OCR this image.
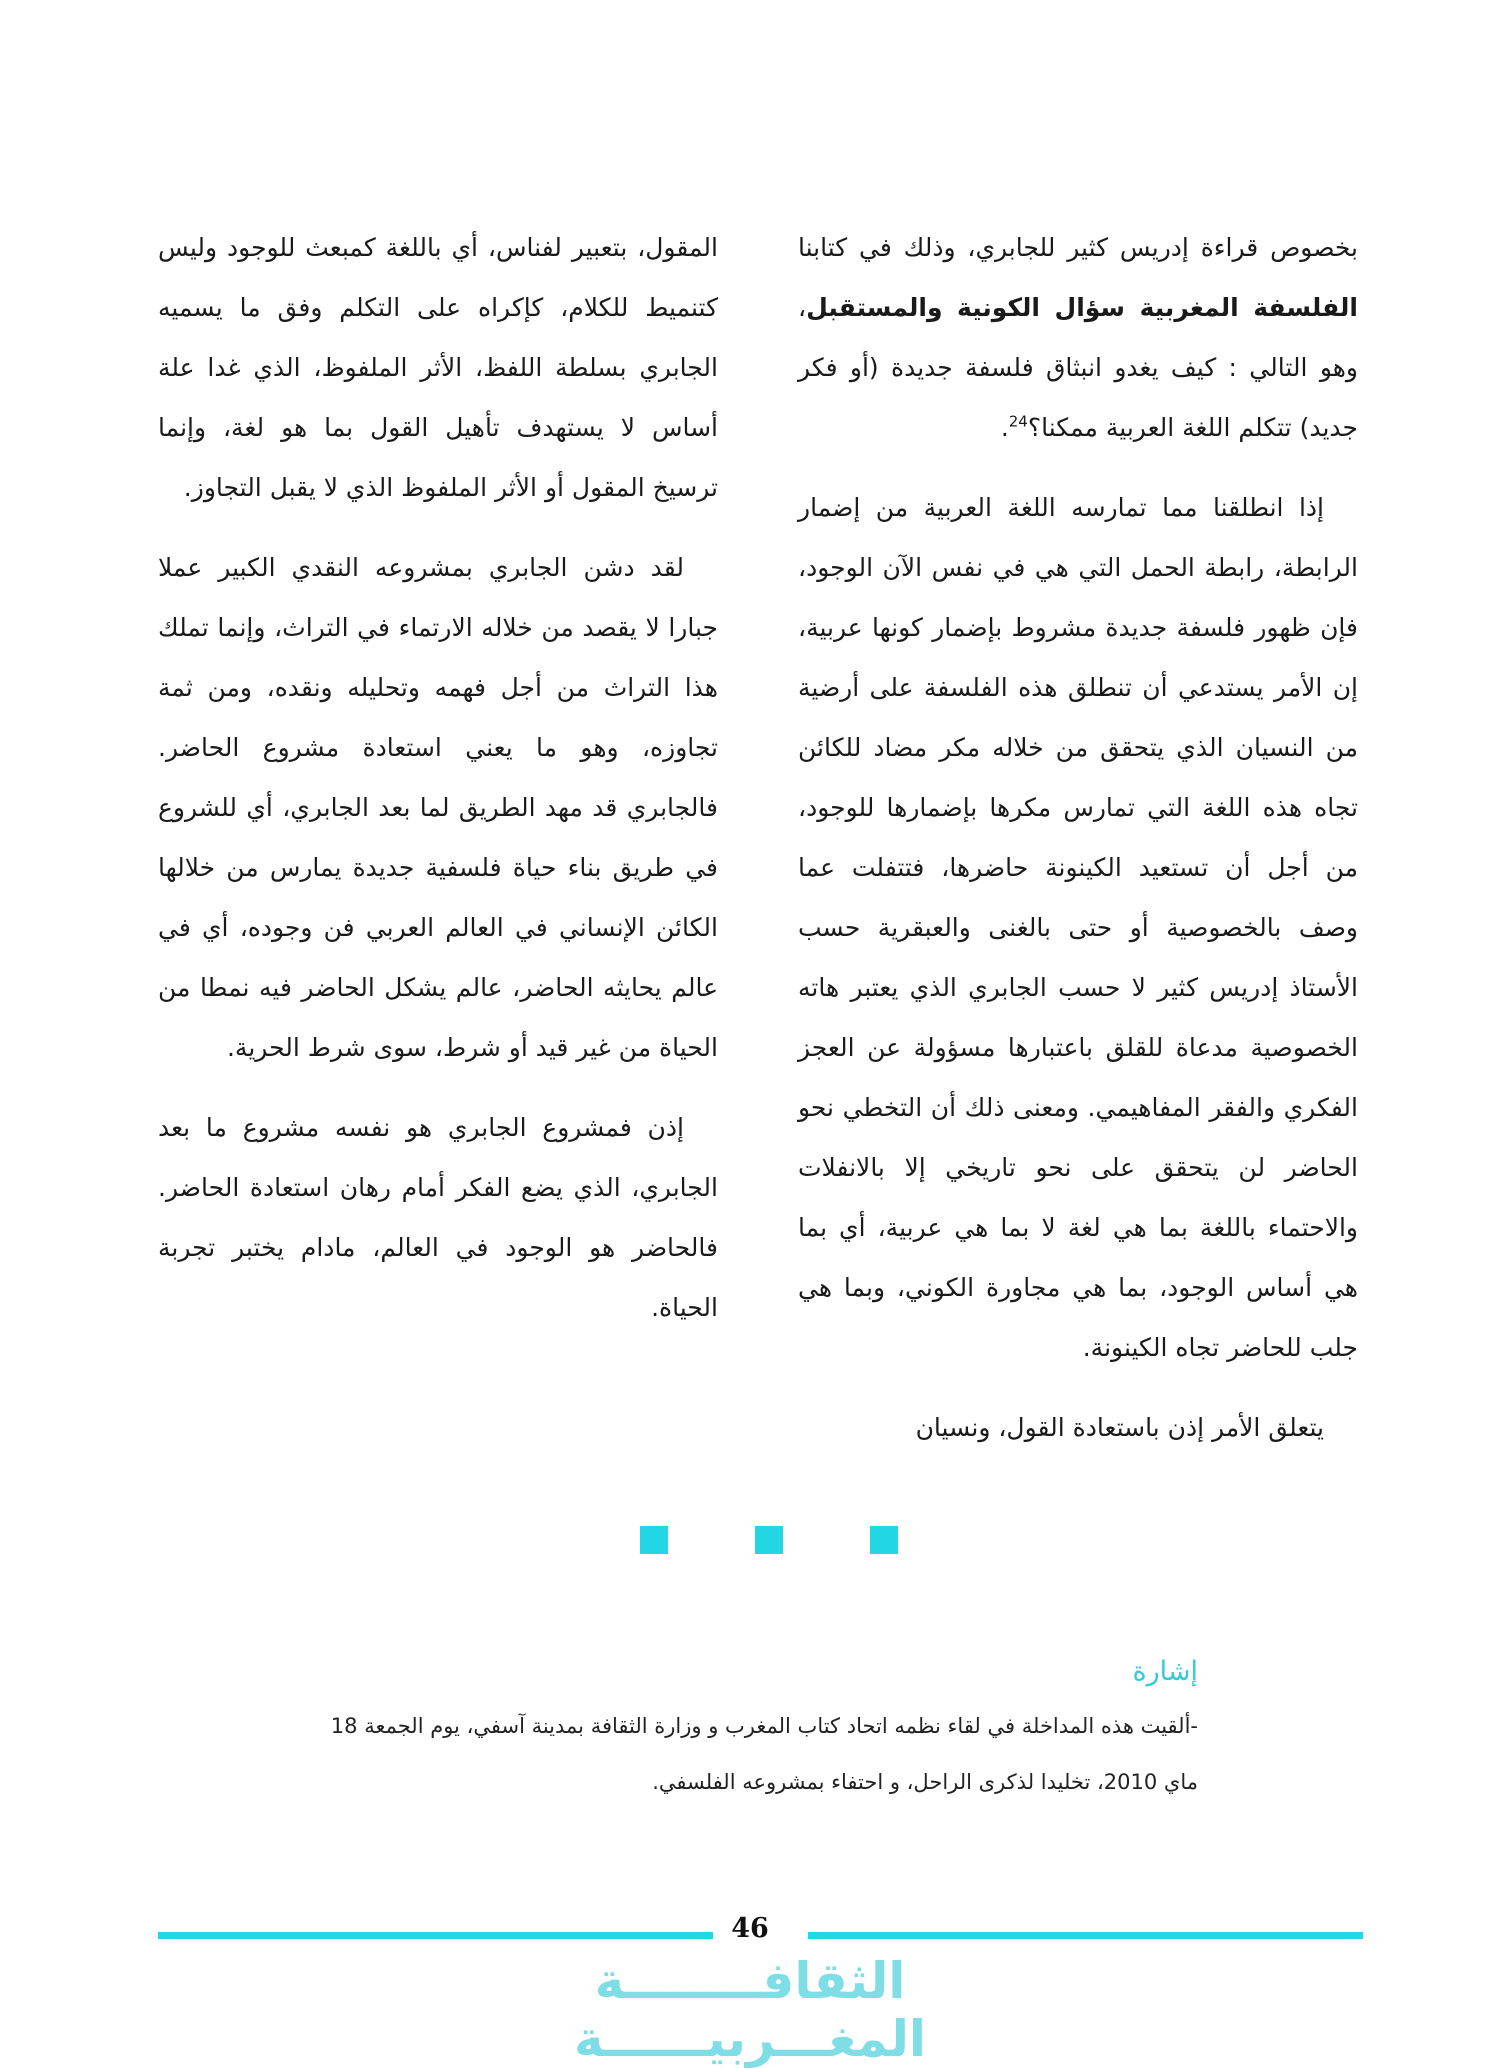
بخصوص قراءة إدريس كثير للجابري، وذلك في كتابنا الفلسفة المغربية سؤال الكونية والمستقبل، وهو التالي : كيف يغدو انبثاق فلسفة جديدة (أو فكر جديد) تتكلم اللغة العربية ممكنا؟$^{24}$.

إذا انطلقنا مما تمارسه اللغة العربية من إضمار الرابطة، رابطة الحمل التي هي في نفس الآن الوجود، فإن ظهور فلسفة جديدة مشروط بإضمار كونها عربية، إن الأمر يستدعي أن تنطلق هذه الفلسفة على أرضية من النسيان الذي يتحقق من خلاله مكر مضاد للكائن تجاه هذه اللغة التي تمارس مكرها بإضمارها للوجود، من أجل أن تستعيد الكينونة حاضرها، فتتفلت عما وصف بالخصوصية أو حتى بالغنى والعبقرية حسب الأستاذ إدريس كثير لا حسب الجابري الذي يعتبر هاته الخصوصية مدعاة للقلق باعتبارها مسؤولة عن العجز الفكري والفقر المفاهيمي. ومعنى ذلك أن التخطي نحو الحاضر لن يتحقق على نحو تاريخي إلا بالانفلات والاحتماء باللغة بما هي لغة لا بما هي عربية، أي بما هي أساس الوجود، بما هي مجاورة الكوني، وبما هي جلب للحاضر تجاه الكينونة.

يتعلق الأمر إذن باستعادة القول، ونسيان

المقول، بتعبير لفناس، أي باللغة كمبعث للوجود وليس كتنميط للكلام، كإكراه على التكلم وفق ما يسميه الجابري بسلطة اللفظ، الأثر الملفوظ، الذي غدا علة أساس لا يستهدف تأهيل القول بما هو لغة، وإنما ترسيخ المقول أو الأثر الملفوظ الذي لا يقبل التجاوز.

لقد دشن الجابري بمشروعه النقدي الكبير عملا جبارا لا يقصد من خلاله الارتماء في التراث، وإنما تملك هذا التراث من أجل فهمه وتحليله ونقده، ومن ثمة تجاوزه، وهو ما يعني استعادة مشروع الحاضر. فالجابري قد مهد الطريق لما بعد الجابري، أي للشروع في طريق بناء حياة فلسفية جديدة يمارس من خلالها الكائن الإنساني في العالم العربي فن وجوده، أي في عالم يحايثه الحاضر، عالم يشكل الحاضر فيه نمطا من الحياة من غير قيد أو شرط، سوى شرط الحرية.

إذن فمشروع الجابري هو نفسه مشروع ما بعد الجابري، الذي يضع الفكر أمام رهان استعادة الحاضر. فالحاضر هو الوجود في العالم، مادام يختبر تجربة الحياة.

إشارة

-ألقيت هذه المداخلة في لقاء نظمه اتحاد كتاب المغرب و وزارة الثقافة بمدينة آسفي، يوم الجمعة 18 ماي 2010، تخليدا لذكرى الراحل، و احتفاء بمشروعه الفلسفي.

46
الثقافــــــــة المغـــربيــــــة
